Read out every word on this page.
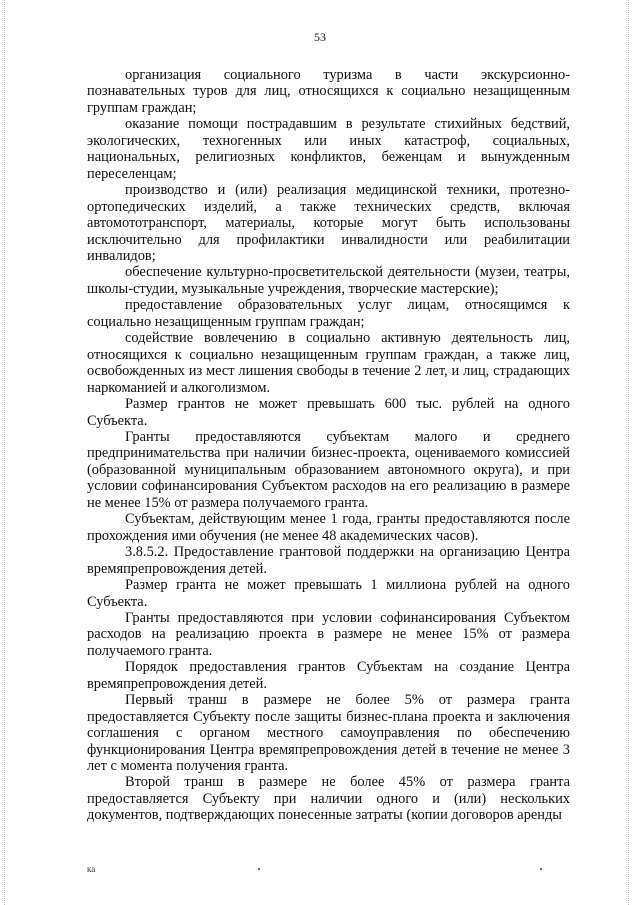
53

организация социального туризма в части экскурсионно-познавательных туров для лиц, относящихся к социально незащищенным группам граждан;

оказание помощи пострадавшим в результате стихийных бедствий, экологических, техногенных или иных катастроф, социальных, национальных, религиозных конфликтов, беженцам и вынужденным переселенцам;

производство и (или) реализация медицинской техники, протезно-ортопедических изделий, а также технических средств, включая автомототранспорт, материалы, которые могут быть использованы исключительно для профилактики инвалидности или реабилитации инвалидов;

обеспечение культурно-просветительской деятельности (музеи, театры, школы-студии, музыкальные учреждения, творческие мастерские);

предоставление образовательных услуг лицам, относящимся к социально незащищенным группам граждан;

содействие вовлечению в социально активную деятельность лиц, относящихся к социально незащищенным группам граждан, а также лиц, освобожденных из мест лишения свободы в течение 2 лет, и лиц, страдающих наркоманией и алкоголизмом.

Размер грантов не может превышать 600 тыс. рублей на одного Субъекта.

Гранты предоставляются субъектам малого и среднего предпринимательства при наличии бизнес-проекта, оцениваемого комиссией (образованной муниципальным образованием автономного округа), и при условии софинансирования Субъектом расходов на его реализацию в размере не менее 15% от размера получаемого гранта.

Субъектам, действующим менее 1 года, гранты предоставляются после прохождения ими обучения (не менее 48 академических часов).

3.8.5.2. Предоставление грантовой поддержки на организацию Центра времяпрепровождения детей.

Размер гранта не может превышать 1 миллиона рублей на одного Субъекта.

Гранты предоставляются при условии софинансирования Субъектом расходов на реализацию проекта в размере не менее 15% от размера получаемого гранта.

Порядок предоставления грантов Субъектам на создание Центра времяпрепровождения детей.

Первый транш в размере не более 5% от размера гранта предоставляется Субъекту после защиты бизнес-плана проекта и заключения соглашения с органом местного самоуправления по обеспечению функционирования Центра времяпрепровождения детей в течение не менее 3 лет с момента получения гранта.

Второй транш в размере не более 45% от размера гранта предоставляется Субъекту при наличии одного и (или) нескольких документов, подтверждающих понесенные затраты (копии договоров аренды

ка
